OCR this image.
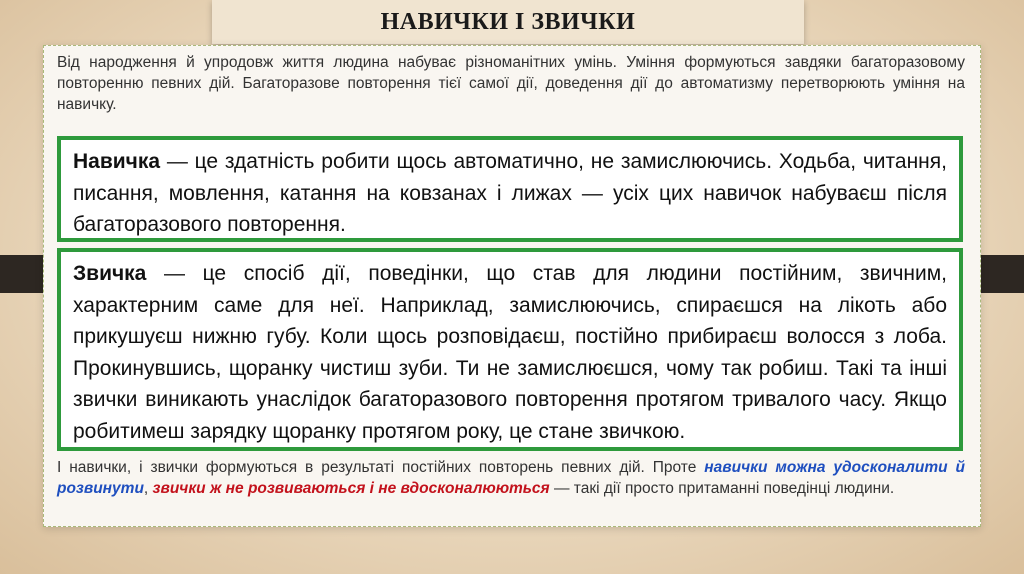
НАВИЧКИ І ЗВИЧКИ
Від народження й упродовж життя людина набуває різноманітних умінь. Уміння формуються завдяки багаторазовому повторенню певних дій. Багаторазове повторення тієї самої дії, доведення дії до автоматизму перетворюють уміння на навичку.
Навичка — це здатність робити щось автоматично, не замислюючись. Ходьба, читання, писання, мовлення, катання на ковзанах і лижах — усіх цих навичок набуваєш після багаторазового повторення.
Звичка — це спосіб дії, поведінки, що став для людини постійним, звичним, характерним саме для неї. Наприклад, замислюючись, спираєшся на лікоть або прикушуєш нижню губу. Коли щось розповідаєш, постійно прибираєш волосся з лоба. Прокинувшись, щоранку чистиш зуби. Ти не замислюєшся, чому так робиш. Такі та інші звички виникають унаслідок багаторазового повторення протягом тривалого часу. Якщо робитимеш зарядку щоранку протягом року, це стане звичкою.
І навички, і звички формуються в результаті постійних повторень певних дій. Проте навички можна удосконалити й розвинути, звички ж не розвиваються і не вдосконалюються — такі дії просто притаманні поведінці людини.
